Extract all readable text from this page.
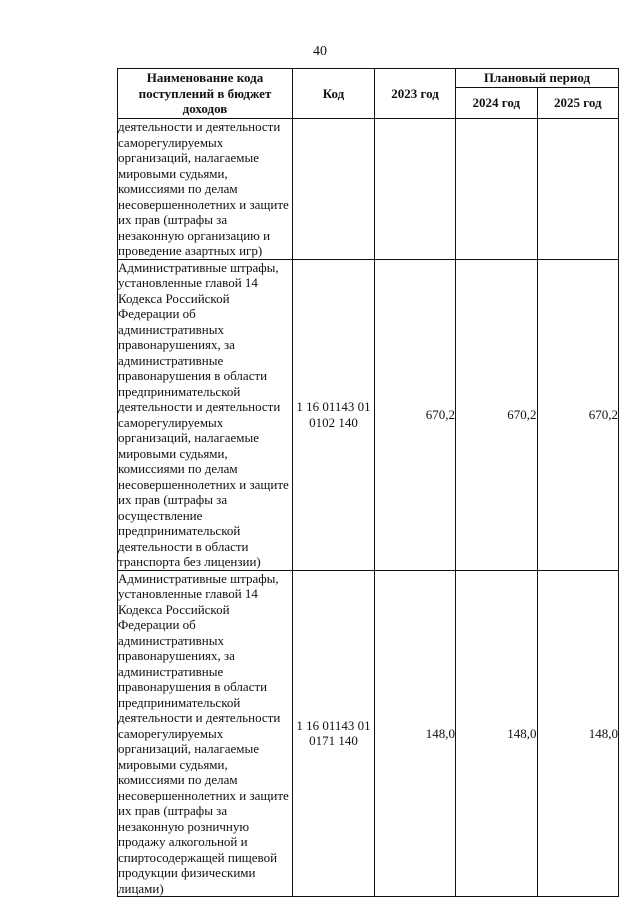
40
Наименование кода поступлений в бюджет доходов	Код	2023 год	Плановый период	
			2024 год	2025 год
деятельности и деятельности саморегулируемых организаций, налагаемые мировыми судьями, комиссиями по делам несовершеннолетних и защите их прав (штрафы за незаконную организацию и проведение азартных игр)				
Административные штрафы, установленные главой 14 Кодекса Российской Федерации об административных правонарушениях, за административные правонарушения в области предпринимательской деятельности и деятельности саморегулируемых организаций, налагаемые мировыми судьями, комиссиями по делам несовершеннолетних и защите их прав (штрафы за осуществление предпринимательской деятельности в области транспорта без лицензии)	1 16 01143 01 0102 140	670,2	670,2	670,2
Административные штрафы, установленные главой 14 Кодекса Российской Федерации об административных правонарушениях, за административные правонарушения в области предпринимательской деятельности и деятельности саморегулируемых организаций, налагаемые мировыми судьями, комиссиями по делам несовершеннолетних и защите их прав (штрафы за незаконную розничную продажу алкогольной и спиртосодержащей пищевой продукции физическими лицами)	1 16 01143 01 0171 140	148,0	148,0	148,0
